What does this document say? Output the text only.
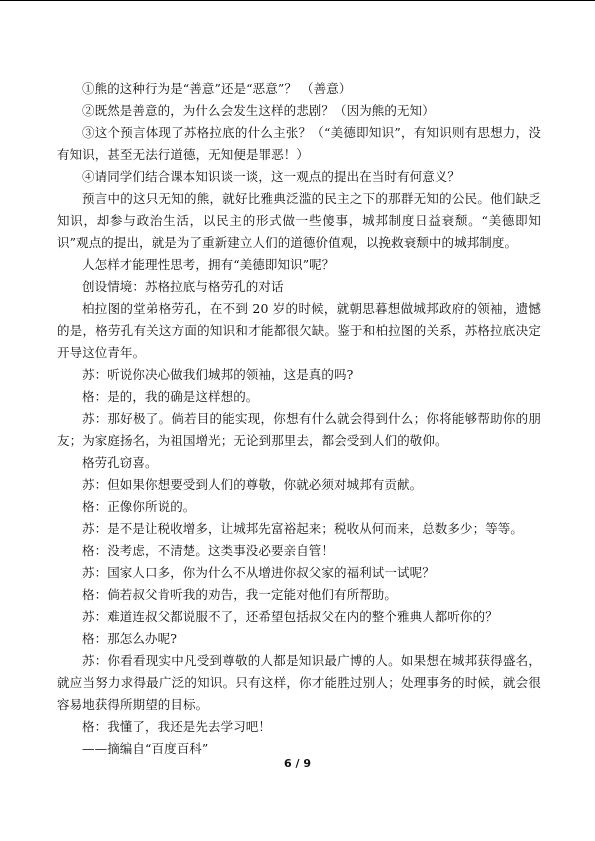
①熊的这种行为是“善意”还是“恶意”？ （善意）

②既然是善意的，为什么会发生这样的悲剧？（因为熊的无知）

③这个预言体现了苏格拉底的什么主张？（“美德即知识”，有知识则有思想力，没有知识，甚至无法行道德，无知便是罪恶！）

④请同学们结合课本知识谈一谈，这一观点的提出在当时有何意义？

预言中的这只无知的熊，就好比雅典泛滥的民主之下的那群无知的公民。他们缺乏知识，却参与政治生活，以民主的形式做一些傻事，城邦制度日益衰颓。“美德即知识”观点的提出，就是为了重新建立人们的道德价值观，以挽救衰颓中的城邦制度。

人怎样才能理性思考，拥有“美德即知识”呢？

创设情境：苏格拉底与格劳孔的对话

柏拉图的堂弟格劳孔，在不到 20 岁的时候，就朝思暮想做城邦政府的领袖，遗憾的是，格劳孔有关这方面的知识和才能都很欠缺。鉴于和柏拉图的关系，苏格拉底决定开导这位青年。

苏：听说你决心做我们城邦的领袖，这是真的吗?

格：是的，我的确是这样想的。

苏：那好极了。倘若目的能实现，你想有什么就会得到什么；你将能够帮助你的朋友；为家庭扬名，为祖国增光；无论到那里去，都会受到人们的敬仰。

格劳孔窃喜。

苏：但如果你想要受到人们的尊敬，你就必须对城邦有贡献。

格：正像你所说的。

苏：是不是让税收增多，让城邦先富裕起来；税收从何而来，总数多少；等等。

格：没考虑，不清楚。这类事没必要亲自管！

苏：国家人口多，你为什么不从增进你叔父家的福利试一试呢？

格：倘若叔父肯听我的劝告，我一定能对他们有所帮助。

苏：难道连叔父都说服不了，还希望包括叔父在内的整个雅典人都听你的？

格：那怎么办呢?

苏：你看看现实中凡受到尊敬的人都是知识最广博的人。如果想在城邦获得盛名，就应当努力求得最广泛的知识。只有这样，你才能胜过别人；处理事务的时候，就会很容易地获得所期望的目标。

格：我懂了，我还是先去学习吧！

——摘编自“百度百科”

6 / 9
